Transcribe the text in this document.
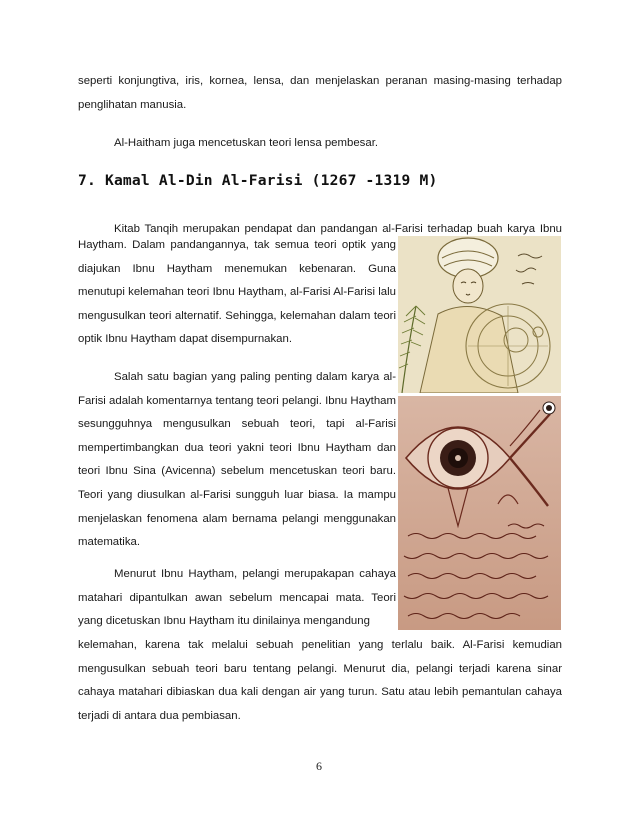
seperti konjungtiva, iris, kornea, lensa, dan menjelaskan peranan masing-masing terhadap penglihatan manusia.
Al-Haitham juga mencetuskan teori lensa pembesar.
7. Kamal Al-Din Al-Farisi (1267 -1319 M)
Kitab Tanqih merupakan pendapat dan pandangan al-Farisi terhadap buah karya Ibnu
Haytham. Dalam pandangannya, tak semua teori optik yang diajukan Ibnu Haytham menemukan kebenaran. Guna menutupi kelemahan teori Ibnu Haytham, al-Farisi Al-Farisi lalu mengusulkan teori alternatif. Sehingga, kelemahan dalam teori optik Ibnu Haytham dapat disempurnakan.
Salah satu bagian yang paling penting dalam karya al-Farisi adalah komentarnya tentang teori pelangi. Ibnu Haytham sesungguhnya mengusulkan sebuah teori, tapi al-Farisi mempertimbangkan dua teori yakni teori Ibnu Haytham dan teori Ibnu Sina (Avicenna) sebelum mencetuskan teori baru. Teori yang diusulkan al-Farisi sungguh luar biasa. Ia mampu menjelaskan fenomena alam bernama pelangi menggunakan matematika.
Menurut Ibnu Haytham, pelangi merupakapan cahaya matahari dipantulkan awan sebelum mencapai mata. Teori yang dicetuskan Ibnu Haytham itu dinilainya mengandung
kelemahan, karena tak melalui sebuah penelitian yang terlalu baik. Al-Farisi kemudian mengusulkan sebuah teori baru tentang pelangi. Menurut dia, pelangi terjadi karena sinar cahaya matahari dibiaskan dua kali dengan air yang turun. Satu atau lebih pemantulan cahaya terjadi di antara dua pembiasan.
6
